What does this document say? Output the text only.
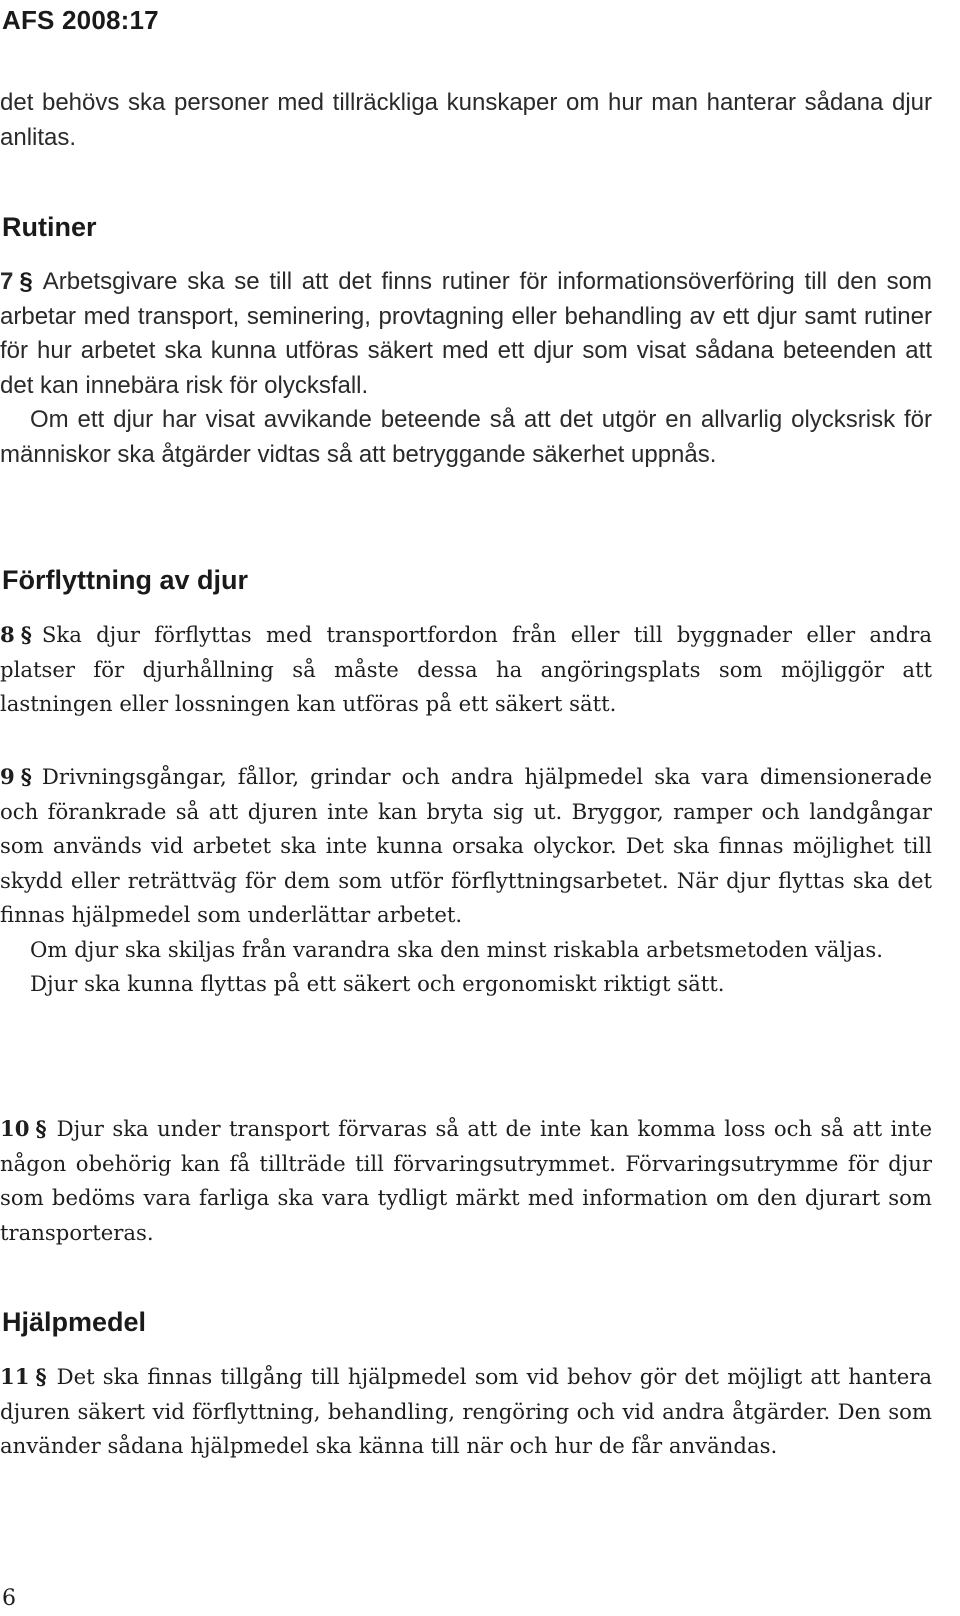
AFS 2008:17

det behövs ska personer med tillräckliga kunskaper om hur man hanterar sådana djur anlitas.

Rutiner

7 § Arbetsgivare ska se till att det finns rutiner för informationsöverföring till den som arbetar med transport, seminering, provtagning eller behandling av ett djur samt rutiner för hur arbetet ska kunna utföras säkert med ett djur som visat sådana beteenden att det kan innebära risk för olycksfall.

Om ett djur har visat avvikande beteende så att det utgör en allvarlig olycksrisk för människor ska åtgärder vidtas så att betryggande säkerhet uppnås.

Förflyttning av djur

8 § Ska djur förflyttas med transportfordon från eller till byggnader eller andra platser för djurhållning så måste dessa ha angöringsplats som möjliggör att lastningen eller lossningen kan utföras på ett säkert sätt.

9 § Drivningsgångar, fållor, grindar och andra hjälpmedel ska vara dimensionerade och förankrade så att djuren inte kan bryta sig ut. Bryggor, ramper och landgångar som används vid arbetet ska inte kunna orsaka olyckor. Det ska finnas möjlighet till skydd eller reträttväg för dem som utför förflyttningsarbetet. När djur flyttas ska det finnas hjälpmedel som underlättar arbetet.

Om djur ska skiljas från varandra ska den minst riskabla arbetsmetoden väljas.

Djur ska kunna flyttas på ett säkert och ergonomiskt riktigt sätt.

10 § Djur ska under transport förvaras så att de inte kan komma loss och så att inte någon obehörig kan få tillträde till förvaringsutrymmet. Förvaringsutrymme för djur som bedöms vara farliga ska vara tydligt märkt med information om den djurart som transporteras.

Hjälpmedel

11 § Det ska finnas tillgång till hjälpmedel som vid behov gör det möjligt att hantera djuren säkert vid förflyttning, behandling, rengöring och vid andra åtgärder. Den som använder sådana hjälpmedel ska känna till när och hur de får användas.

6
